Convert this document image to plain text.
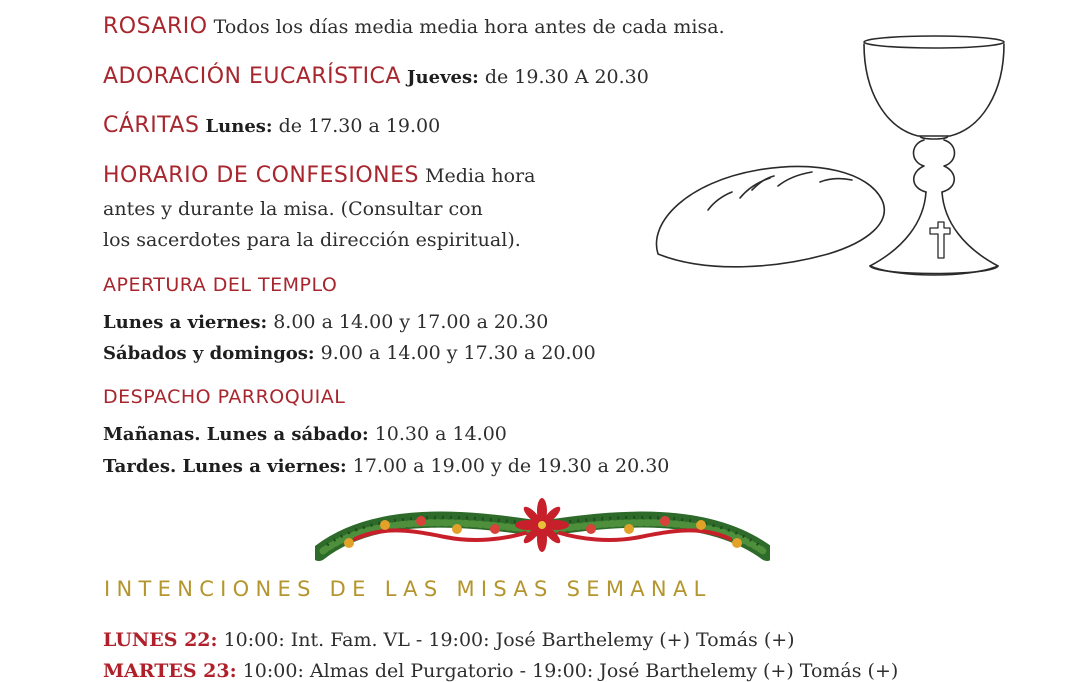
ROSARIO Todos los días media media hora antes de cada misa.
ADORACIÓN EUCARÍSTICA Jueves: de 19.30 A 20.30
CÁRITAS Lunes: de 17.30 a 19.00
HORARIO DE CONFESIONES Media hora
antes y durante la misa. (Consultar con
los sacerdotes para la dirección espiritual).
APERTURA DEL TEMPLO
Lunes a viernes: 8.00 a 14.00 y 17.00 a 20.30
Sábados y domingos: 9.00 a 14.00 y 17.30 a 20.00
DESPACHO PARROQUIAL
Mañanas. Lunes a sábado: 10.30 a 14.00
Tardes. Lunes a viernes: 17.00 a 19.00 y de 19.30 a 20.30
INTENCIONES DE LAS MISAS SEMANAL
LUNES 22: 10:00: Int. Fam. VL - 19:00: José Barthelemy (+) Tomás (+)
MARTES 23: 10:00: Almas del Purgatorio - 19:00: José Barthelemy (+) Tomás (+)
